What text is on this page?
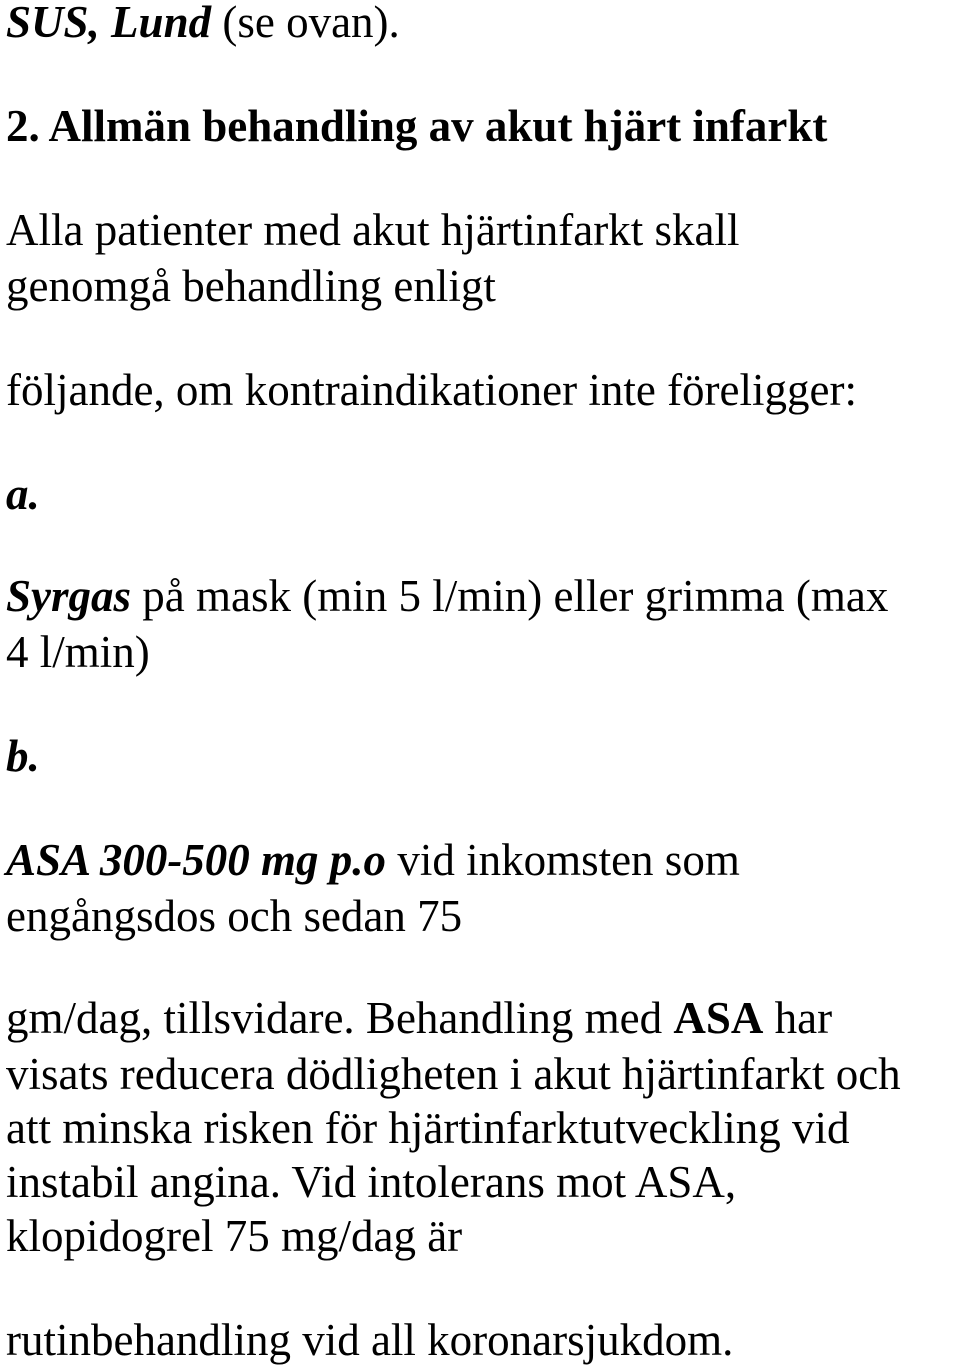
SUS, Lund (se ovan).

2. Allmän behandling av akut hjärt infarkt

Alla patienter med akut hjärtinfarkt skall

genomgå behandling enligt

följande, om kontraindikationer inte föreligger:

a.

Syrgas på mask (min 5 l/min) eller grimma (max

4 l/min)

b.

ASA 300-500 mg p.o vid inkomsten som

engångsdos och sedan 75

gm/dag, tillsvidare. Behandling med ASA har

visats reducera dödligheten i akut hjärtinfarkt och

att minska risken för hjärtinfarktutveckling vid

instabil angina. Vid intolerans mot ASA,

klopidogrel 75 mg/dag är

rutinbehandling vid all koronarsjukdom.
